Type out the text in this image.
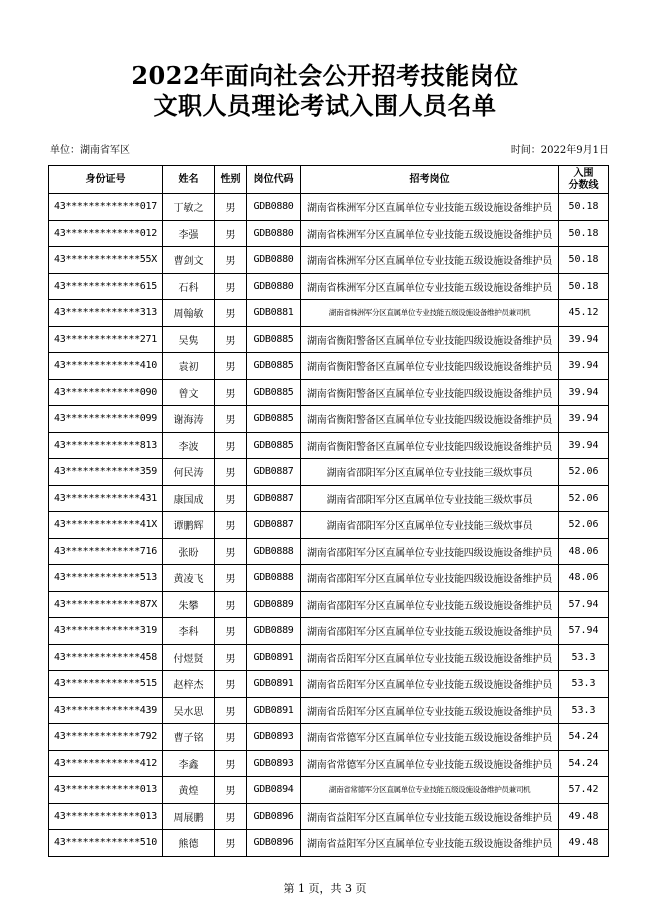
2022年面向社会公开招考技能岗位
文职人员理论考试入围人员名单
单位：湖南省军区	时间：2022年9月1日
身份证号	姓名	性别	岗位代码	招考岗位	入围
分数线
43*************017	丁敏之	男	GDB0880	湖南省株洲军分区直属单位专业技能五级设施设备维护员	50.18
43*************012	李强	男	GDB0880	湖南省株洲军分区直属单位专业技能五级设施设备维护员	50.18
43*************55X	曹剑文	男	GDB0880	湖南省株洲军分区直属单位专业技能五级设施设备维护员	50.18
43*************615	石科	男	GDB0880	湖南省株洲军分区直属单位专业技能五级设施设备维护员	50.18
43*************313	周翰敏	男	GDB0881	湖南省株洲军分区直属单位专业技能五级设施设备维护员兼司机	45.12
43*************271	吴隽	男	GDB0885	湖南省衡阳警备区直属单位专业技能四级设施设备维护员	39.94
43*************410	袁初	男	GDB0885	湖南省衡阳警备区直属单位专业技能四级设施设备维护员	39.94
43*************090	曾文	男	GDB0885	湖南省衡阳警备区直属单位专业技能四级设施设备维护员	39.94
43*************099	谢海涛	男	GDB0885	湖南省衡阳警备区直属单位专业技能四级设施设备维护员	39.94
43*************813	李波	男	GDB0885	湖南省衡阳警备区直属单位专业技能四级设施设备维护员	39.94
43*************359	何民涛	男	GDB0887	湖南省邵阳军分区直属单位专业技能三级炊事员	52.06
43*************431	康国成	男	GDB0887	湖南省邵阳军分区直属单位专业技能三级炊事员	52.06
43*************41X	谭鹏辉	男	GDB0887	湖南省邵阳军分区直属单位专业技能三级炊事员	52.06
43*************716	张盼	男	GDB0888	湖南省邵阳军分区直属单位专业技能四级设施设备维护员	48.06
43*************513	黄凌飞	男	GDB0888	湖南省邵阳军分区直属单位专业技能四级设施设备维护员	48.06
43*************87X	朱攀	男	GDB0889	湖南省邵阳军分区直属单位专业技能五级设施设备维护员	57.94
43*************319	李科	男	GDB0889	湖南省邵阳军分区直属单位专业技能五级设施设备维护员	57.94
43*************458	付煜贤	男	GDB0891	湖南省岳阳军分区直属单位专业技能五级设施设备维护员	53.3
43*************515	赵梓杰	男	GDB0891	湖南省岳阳军分区直属单位专业技能五级设施设备维护员	53.3
43*************439	吴水思	男	GDB0891	湖南省岳阳军分区直属单位专业技能五级设施设备维护员	53.3
43*************792	曹子铭	男	GDB0893	湖南省常德军分区直属单位专业技能五级设施设备维护员	54.24
43*************412	李鑫	男	GDB0893	湖南省常德军分区直属单位专业技能五级设施设备维护员	54.24
43*************013	黄煌	男	GDB0894	湖南省常德军分区直属单位专业技能五级设施设备维护员兼司机	57.42
43*************013	周展鹏	男	GDB0896	湖南省益阳军分区直属单位专业技能五级设施设备维护员	49.48
43*************510	熊德	男	GDB0896	湖南省益阳军分区直属单位专业技能五级设施设备维护员	49.48
第 1 页，共 3 页
